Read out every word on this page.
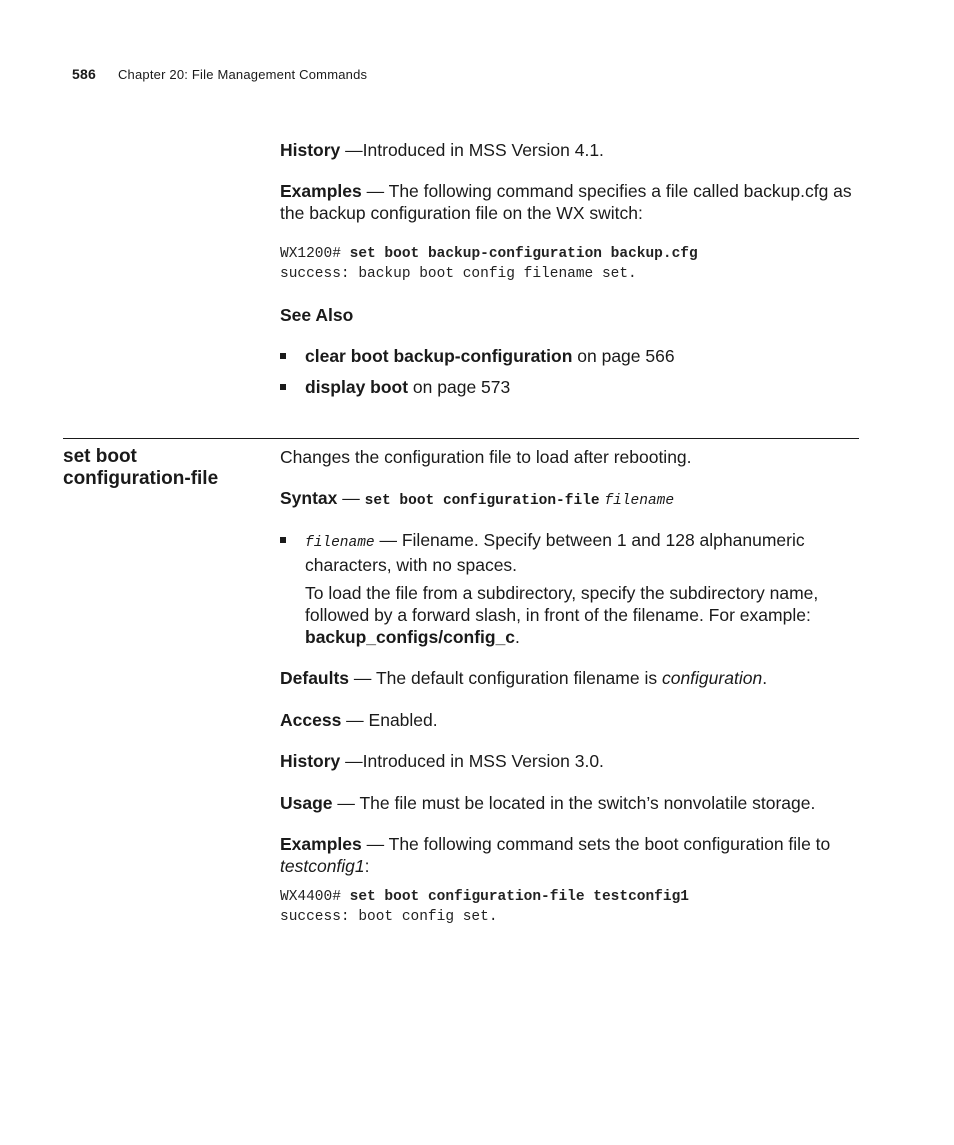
586 Chapter 20: File Management Commands
History —Introduced in MSS Version 4.1.
Examples — The following command specifies a file called backup.cfg as the backup configuration file on the WX switch:
WX1200# set boot backup-configuration backup.cfg
success: backup boot config filename set.
See Also
clear boot backup-configuration on page 566
display boot on page 573
set boot
configuration-file
Changes the configuration file to load after rebooting.
Syntax — set boot configuration-file filename
filename — Filename. Specify between 1 and 128 alphanumeric characters, with no spaces.
To load the file from a subdirectory, specify the subdirectory name, followed by a forward slash, in front of the filename. For example: backup_configs/config_c.
Defaults — The default configuration filename is configuration.
Access — Enabled.
History —Introduced in MSS Version 3.0.
Usage — The file must be located in the switch’s nonvolatile storage.
Examples — The following command sets the boot configuration file to testconfig1:
WX4400# set boot configuration-file testconfig1
success: boot config set.
